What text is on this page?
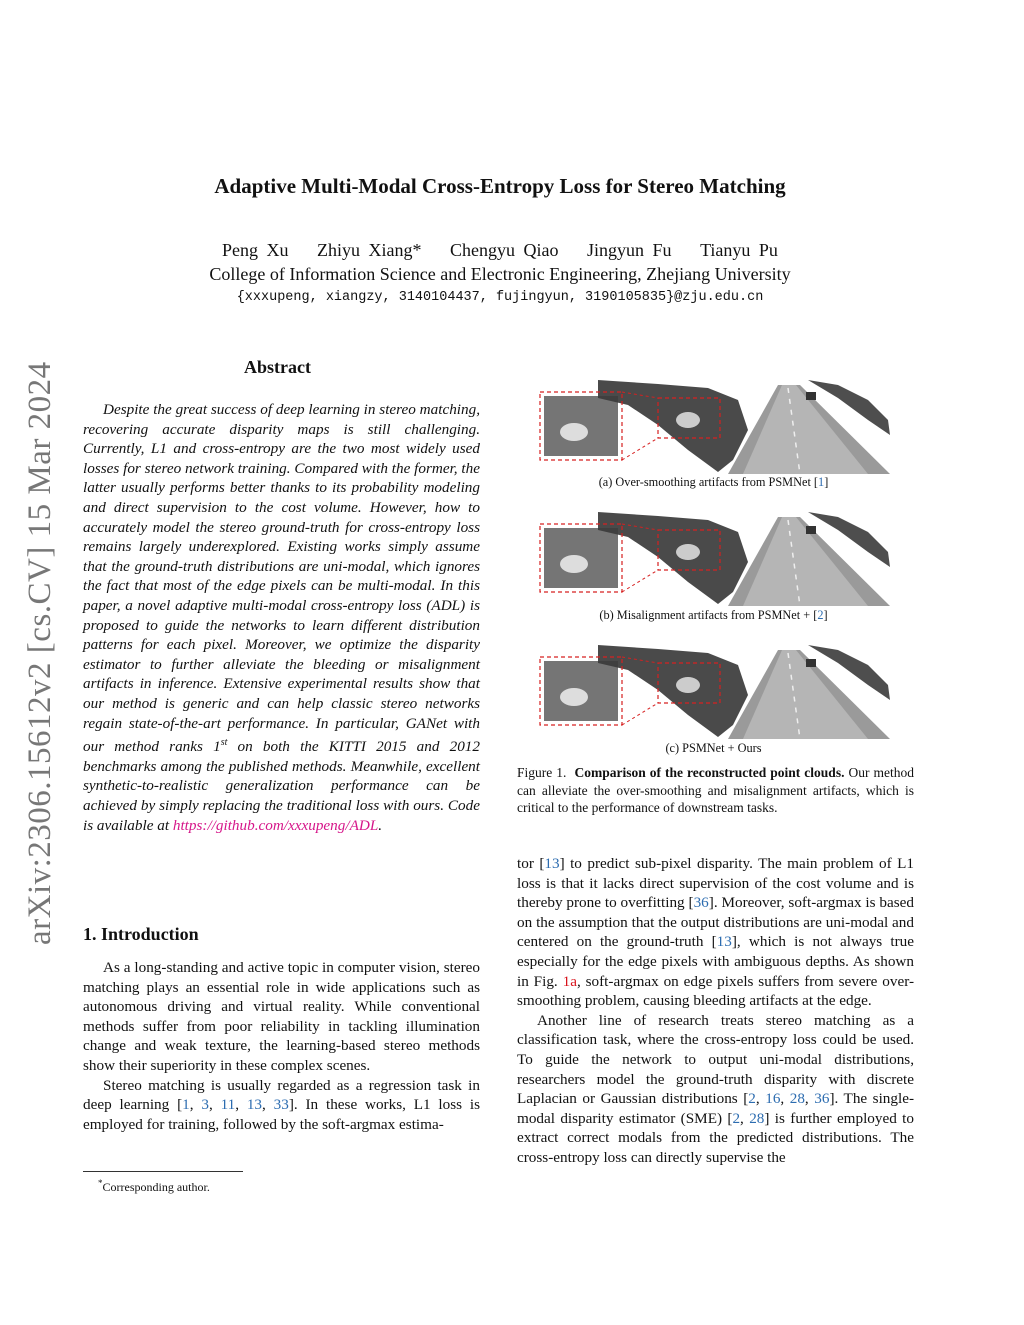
Adaptive Multi-Modal Cross-Entropy Loss for Stereo Matching
Peng Xu Zhiyu Xiang* Chengyu Qiao Jingyun Fu Tianyu Pu
College of Information Science and Electronic Engineering, Zhejiang University
{xxxupeng, xiangzy, 3140104437, fujingyun, 3190105835}@zju.edu.cn
arXiv:2306.15612v2 [cs.CV] 15 Mar 2024	Abstract
Despite the great success of deep learning in stereo matching, recovering accurate disparity maps is still challenging. Currently, L1 and cross-entropy are the two most widely used losses for stereo network training. Compared with the former, the latter usually performs better thanks to its probability modeling and direct supervision to the cost volume. However, how to accurately model the stereo ground-truth for cross-entropy loss remains largely underexplored. Existing works simply assume that the ground-truth distributions are uni-modal, which ignores the fact that most of the edge pixels can be multi-modal. In this paper, a novel adaptive multi-modal cross-entropy loss (ADL) is proposed to guide the networks to learn different distribution patterns for each pixel. Moreover, we optimize the disparity estimator to further alleviate the bleeding or misalignment artifacts in inference. Extensive experimental results show that our method is generic and can help classic stereo networks regain state-of-the-art performance. In particular, GANet with our method ranks 1st on both the KITTI 2015 and 2012 benchmarks among the published methods. Meanwhile, excellent synthetic-to-realistic generalization performance can be achieved by simply replacing the traditional loss with ours. Code is available at https://github.com/xxxupeng/ADL.
1. Introduction

As a long-standing and active topic in computer vision, stereo matching plays an essential role in wide applications such as autonomous driving and virtual reality. While conventional methods suffer from poor reliability in tackling illumination change and weak texture, the learning-based stereo methods show their superiority in these complex scenes.

Stereo matching is usually regarded as a regression task in deep learning [1, 3, 11, 13, 33]. In these works, L1 loss is employed for training, followed by the soft-argmax estima-

*Corresponding author.
(a) Over-smoothing artifacts from PSMNet [1]
(b) Misalignment artifacts from PSMNet + [2]
(c) PSMNet + Ours
Figure 1. Comparison of the reconstructed point clouds. Our method can alleviate the over-smoothing and misalignment artifacts, which is critical to the performance of downstream tasks.

tor [13] to predict sub-pixel disparity. The main problem of L1 loss is that it lacks direct supervision of the cost volume and is thereby prone to overfitting [36]. Moreover, soft-argmax is based on the assumption that the output distributions are uni-modal and centered on the ground-truth [13], which is not always true especially for the edge pixels with ambiguous depths. As shown in Fig. 1a, soft-argmax on edge pixels suffers from severe over-smoothing problem, causing bleeding artifacts at the edge.

Another line of research treats stereo matching as a classification task, where the cross-entropy loss could be used. To guide the network to output uni-modal distributions, researchers model the ground-truth disparity with discrete Laplacian or Gaussian distributions [2, 16, 28, 36]. The single-modal disparity estimator (SME) [2, 28] is further employed to extract correct modals from the predicted distributions. The cross-entropy loss can directly supervise the
